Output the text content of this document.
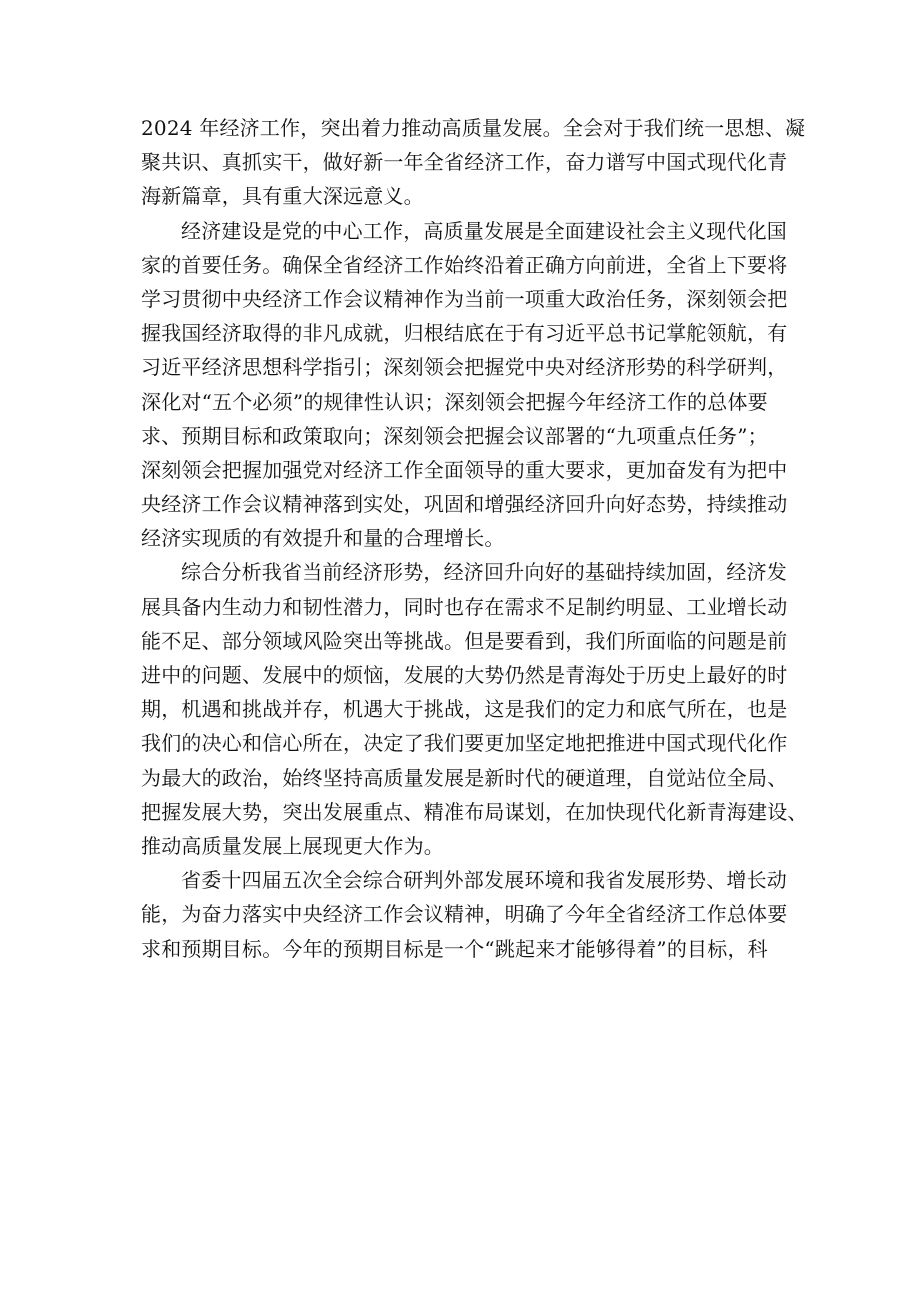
2024 年经济工作，突出着力推动高质量发展。全会对于我们统一思想、凝
聚共识、真抓实干，做好新一年全省经济工作，奋力谱写中国式现代化青
海新篇章，具有重大深远意义。
经济建设是党的中心工作，高质量发展是全面建设社会主义现代化国
家的首要任务。确保全省经济工作始终沿着正确方向前进，全省上下要将
学习贯彻中央经济工作会议精神作为当前一项重大政治任务，深刻领会把
握我国经济取得的非凡成就，归根结底在于有习近平总书记掌舵领航，有
习近平经济思想科学指引；深刻领会把握党中央对经济形势的科学研判，
深化对“五个必须”的规律性认识；深刻领会把握今年经济工作的总体要
求、预期目标和政策取向；深刻领会把握会议部署的“九项重点任务”；
深刻领会把握加强党对经济工作全面领导的重大要求，更加奋发有为把中
央经济工作会议精神落到实处，巩固和增强经济回升向好态势，持续推动
经济实现质的有效提升和量的合理增长。
综合分析我省当前经济形势，经济回升向好的基础持续加固，经济发
展具备内生动力和韧性潜力，同时也存在需求不足制约明显、工业增长动
能不足、部分领域风险突出等挑战。但是要看到，我们所面临的问题是前
进中的问题、发展中的烦恼，发展的大势仍然是青海处于历史上最好的时
期，机遇和挑战并存，机遇大于挑战，这是我们的定力和底气所在，也是
我们的决心和信心所在，决定了我们要更加坚定地把推进中国式现代化作
为最大的政治，始终坚持高质量发展是新时代的硬道理，自觉站位全局、
把握发展大势，突出发展重点、精准布局谋划，在加快现代化新青海建设、
推动高质量发展上展现更大作为。
省委十四届五次全会综合研判外部发展环境和我省发展形势、增长动
能，为奋力落实中央经济工作会议精神，明确了今年全省经济工作总体要
求和预期目标。今年的预期目标是一个“跳起来才能够得着”的目标，科
